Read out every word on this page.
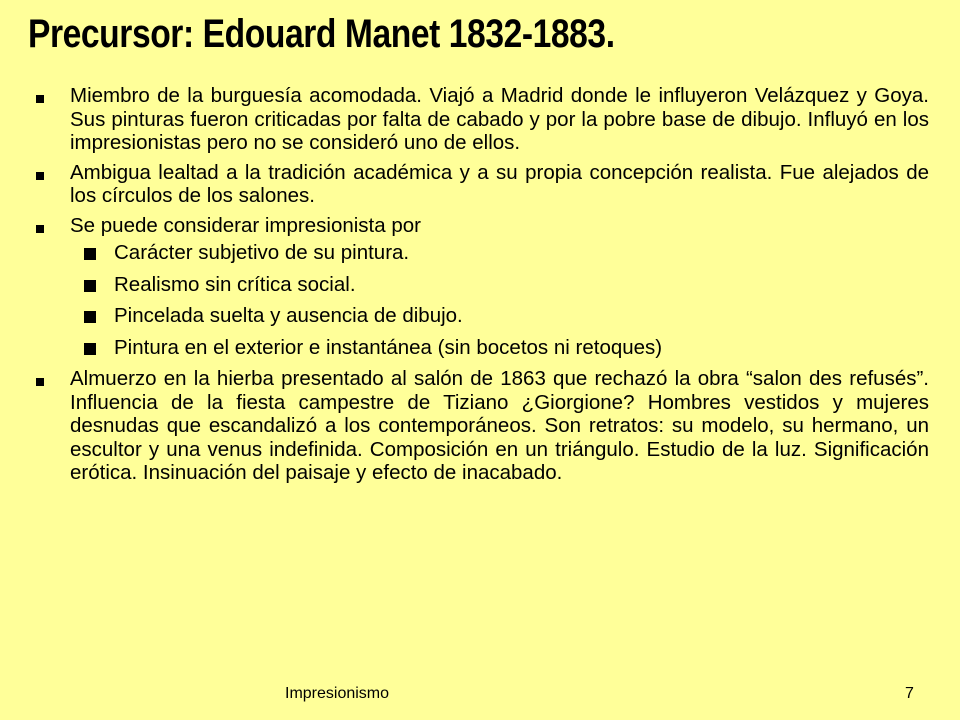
Precursor: Edouard Manet 1832-1883.
Miembro de la burguesía acomodada. Viajó a Madrid donde le influyeron Velázquez y Goya. Sus pinturas fueron criticadas por falta de cabado y por la pobre base de dibujo. Influyó en los impresionistas pero no se consideró uno de ellos.
Ambigua lealtad a la tradición académica y a su propia concepción realista. Fue alejados de los círculos de los salones.
Se puede considerar impresionista por
Carácter subjetivo de su pintura.
Realismo sin crítica social.
Pincelada suelta y ausencia de dibujo.
Pintura en el exterior e instantánea (sin bocetos ni retoques)
Almuerzo en la hierba presentado al salón de 1863 que rechazó la obra “salon des refusés”. Influencia de la fiesta campestre de Tiziano ¿Giorgione? Hombres vestidos y mujeres desnudas que escandalizó a los contemporáneos. Son retratos: su modelo, su hermano, un escultor y una venus indefinida. Composición en un triángulo. Estudio de la luz. Significación erótica. Insinuación del paisaje y efecto de inacabado.
Impresionismo	7
